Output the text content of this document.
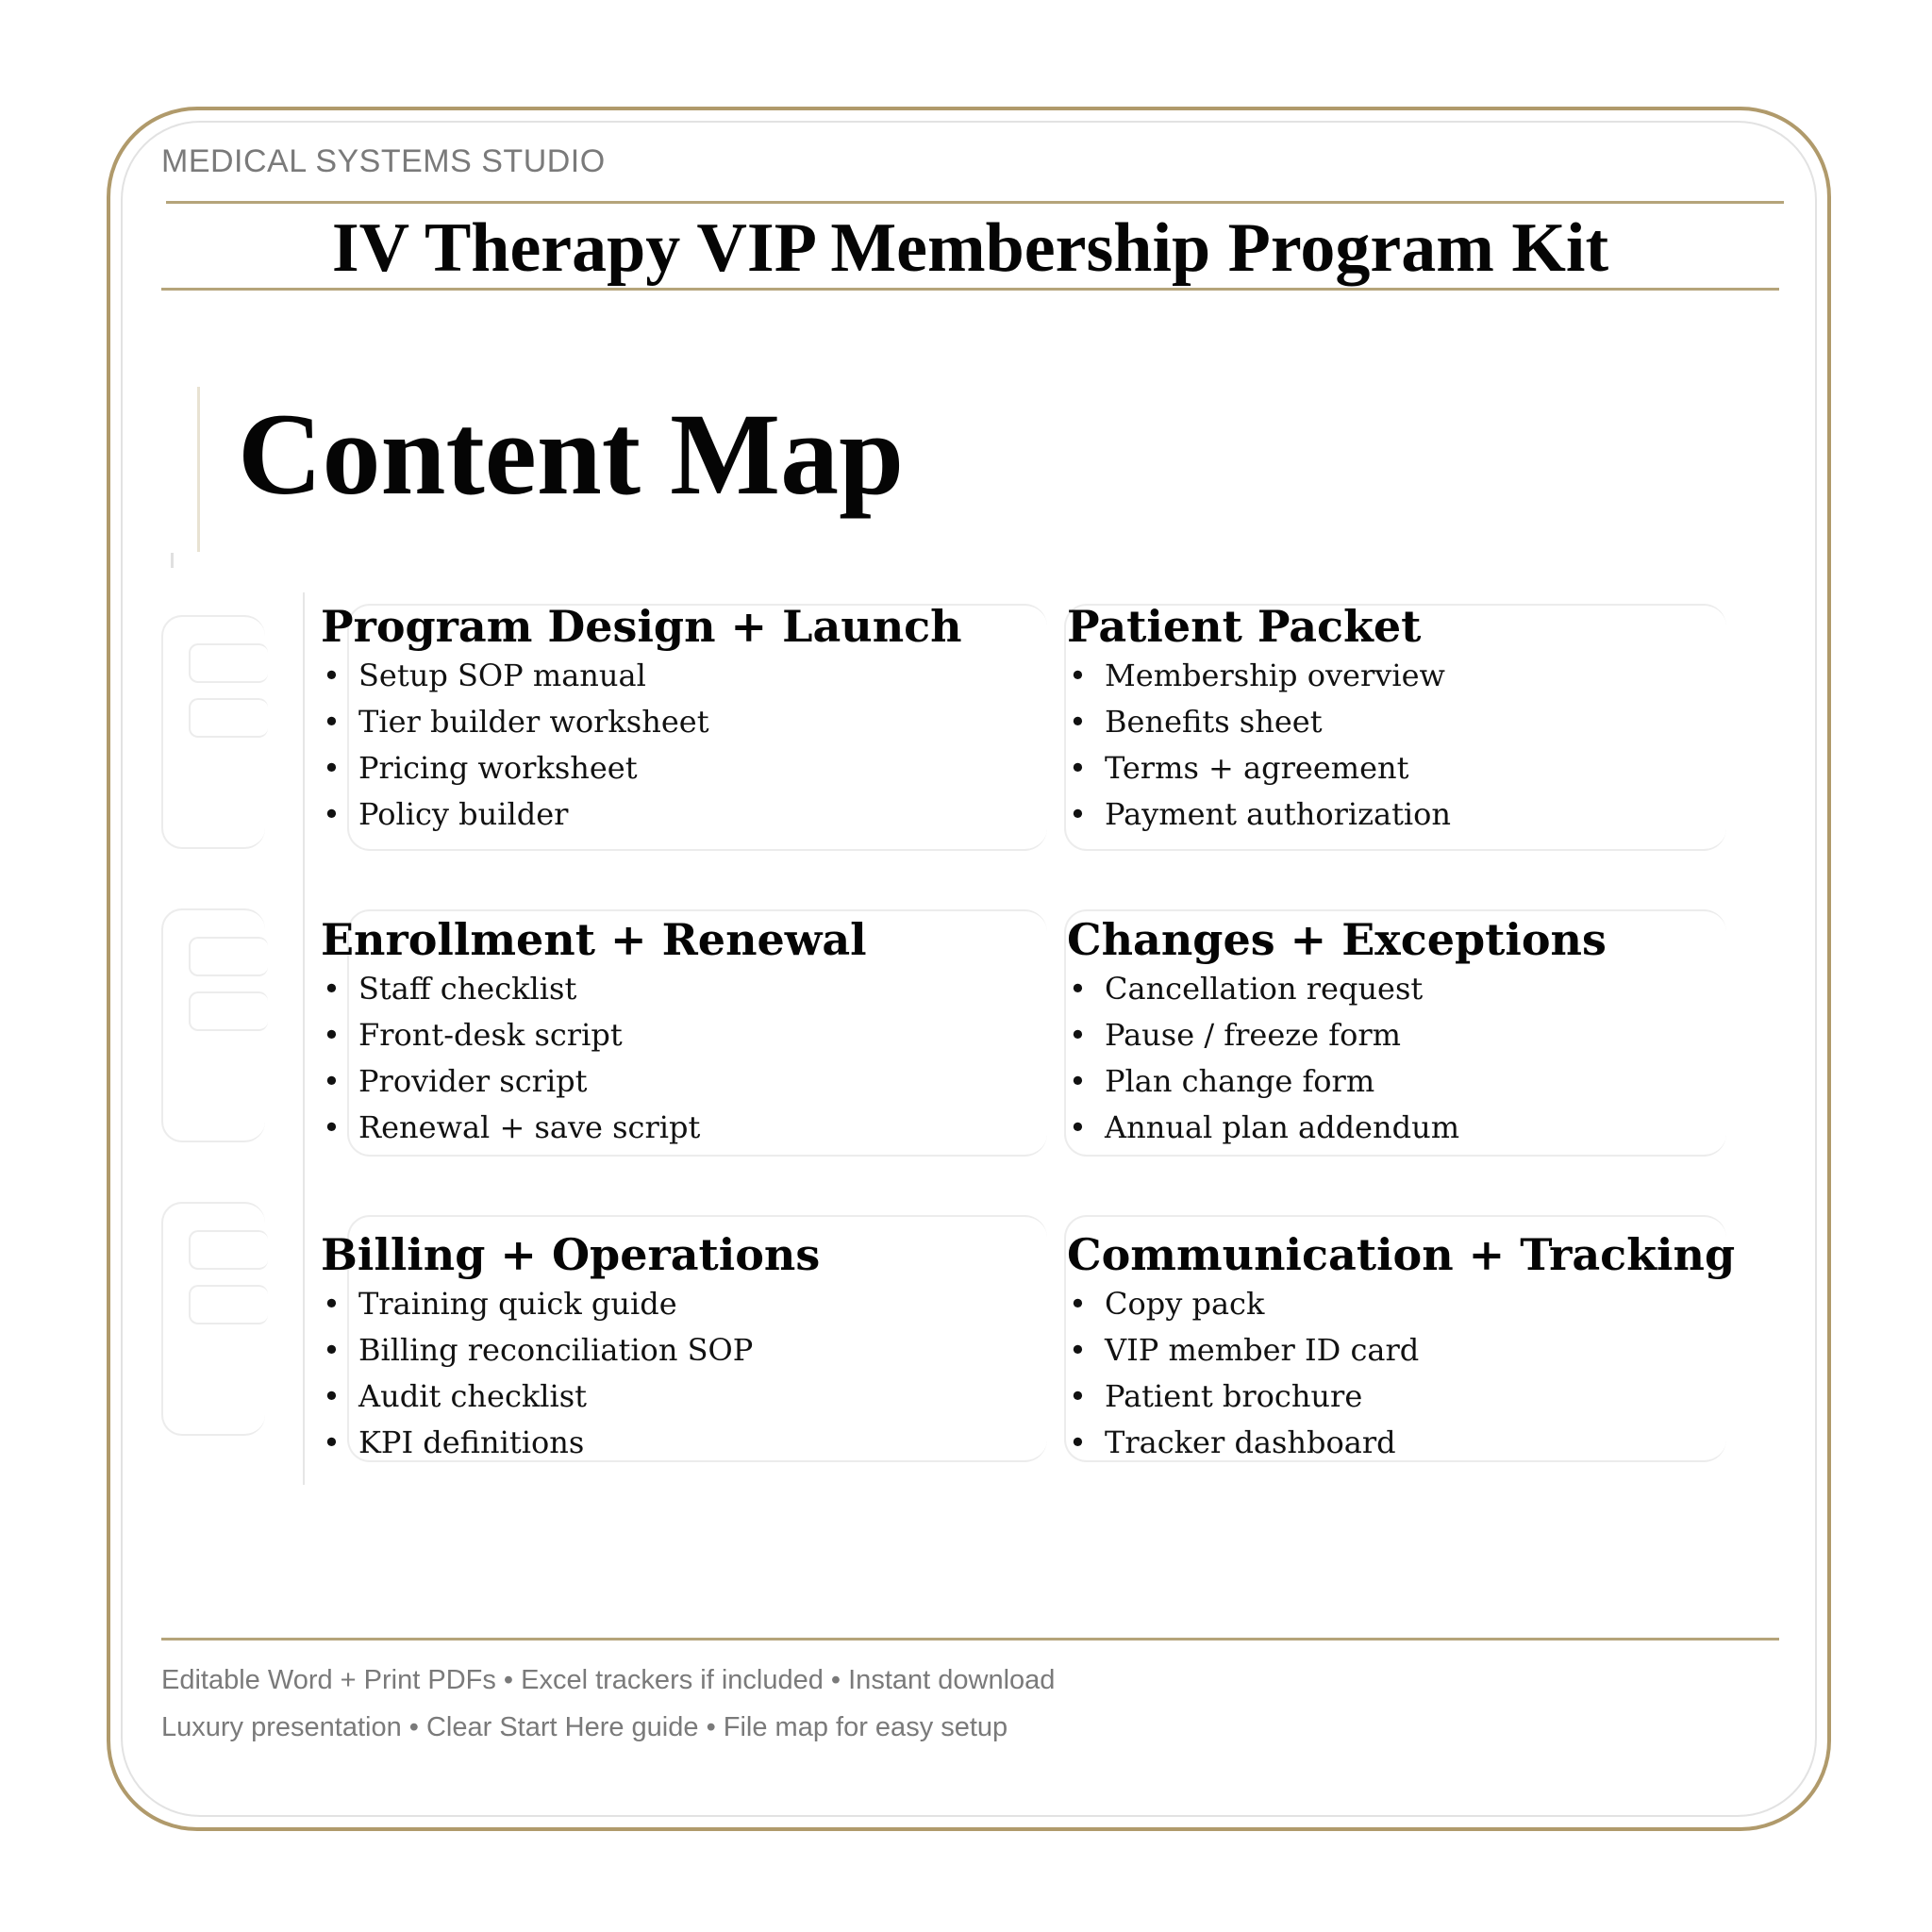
MEDICAL SYSTEMS STUDIO
IV Therapy VIP Membership Program Kit
Content Map
Program Design + Launch
• Setup SOP manual
• Tier builder worksheet
• Pricing worksheet
• Policy builder
Patient Packet
• Membership overview
• Benefits sheet
• Terms + agreement
• Payment authorization
Enrollment + Renewal
• Staff checklist
• Front-desk script
• Provider script
• Renewal + save script
Changes + Exceptions
• Cancellation request
• Pause / freeze form
• Plan change form
• Annual plan addendum
Billing + Operations
• Training quick guide
• Billing reconciliation SOP
• Audit checklist
• KPI definitions
Communication + Tracking
• Copy pack
• VIP member ID card
• Patient brochure
• Tracker dashboard
Editable Word + Print PDFs • Excel trackers if included • Instant download
Luxury presentation • Clear Start Here guide • File map for easy setup
